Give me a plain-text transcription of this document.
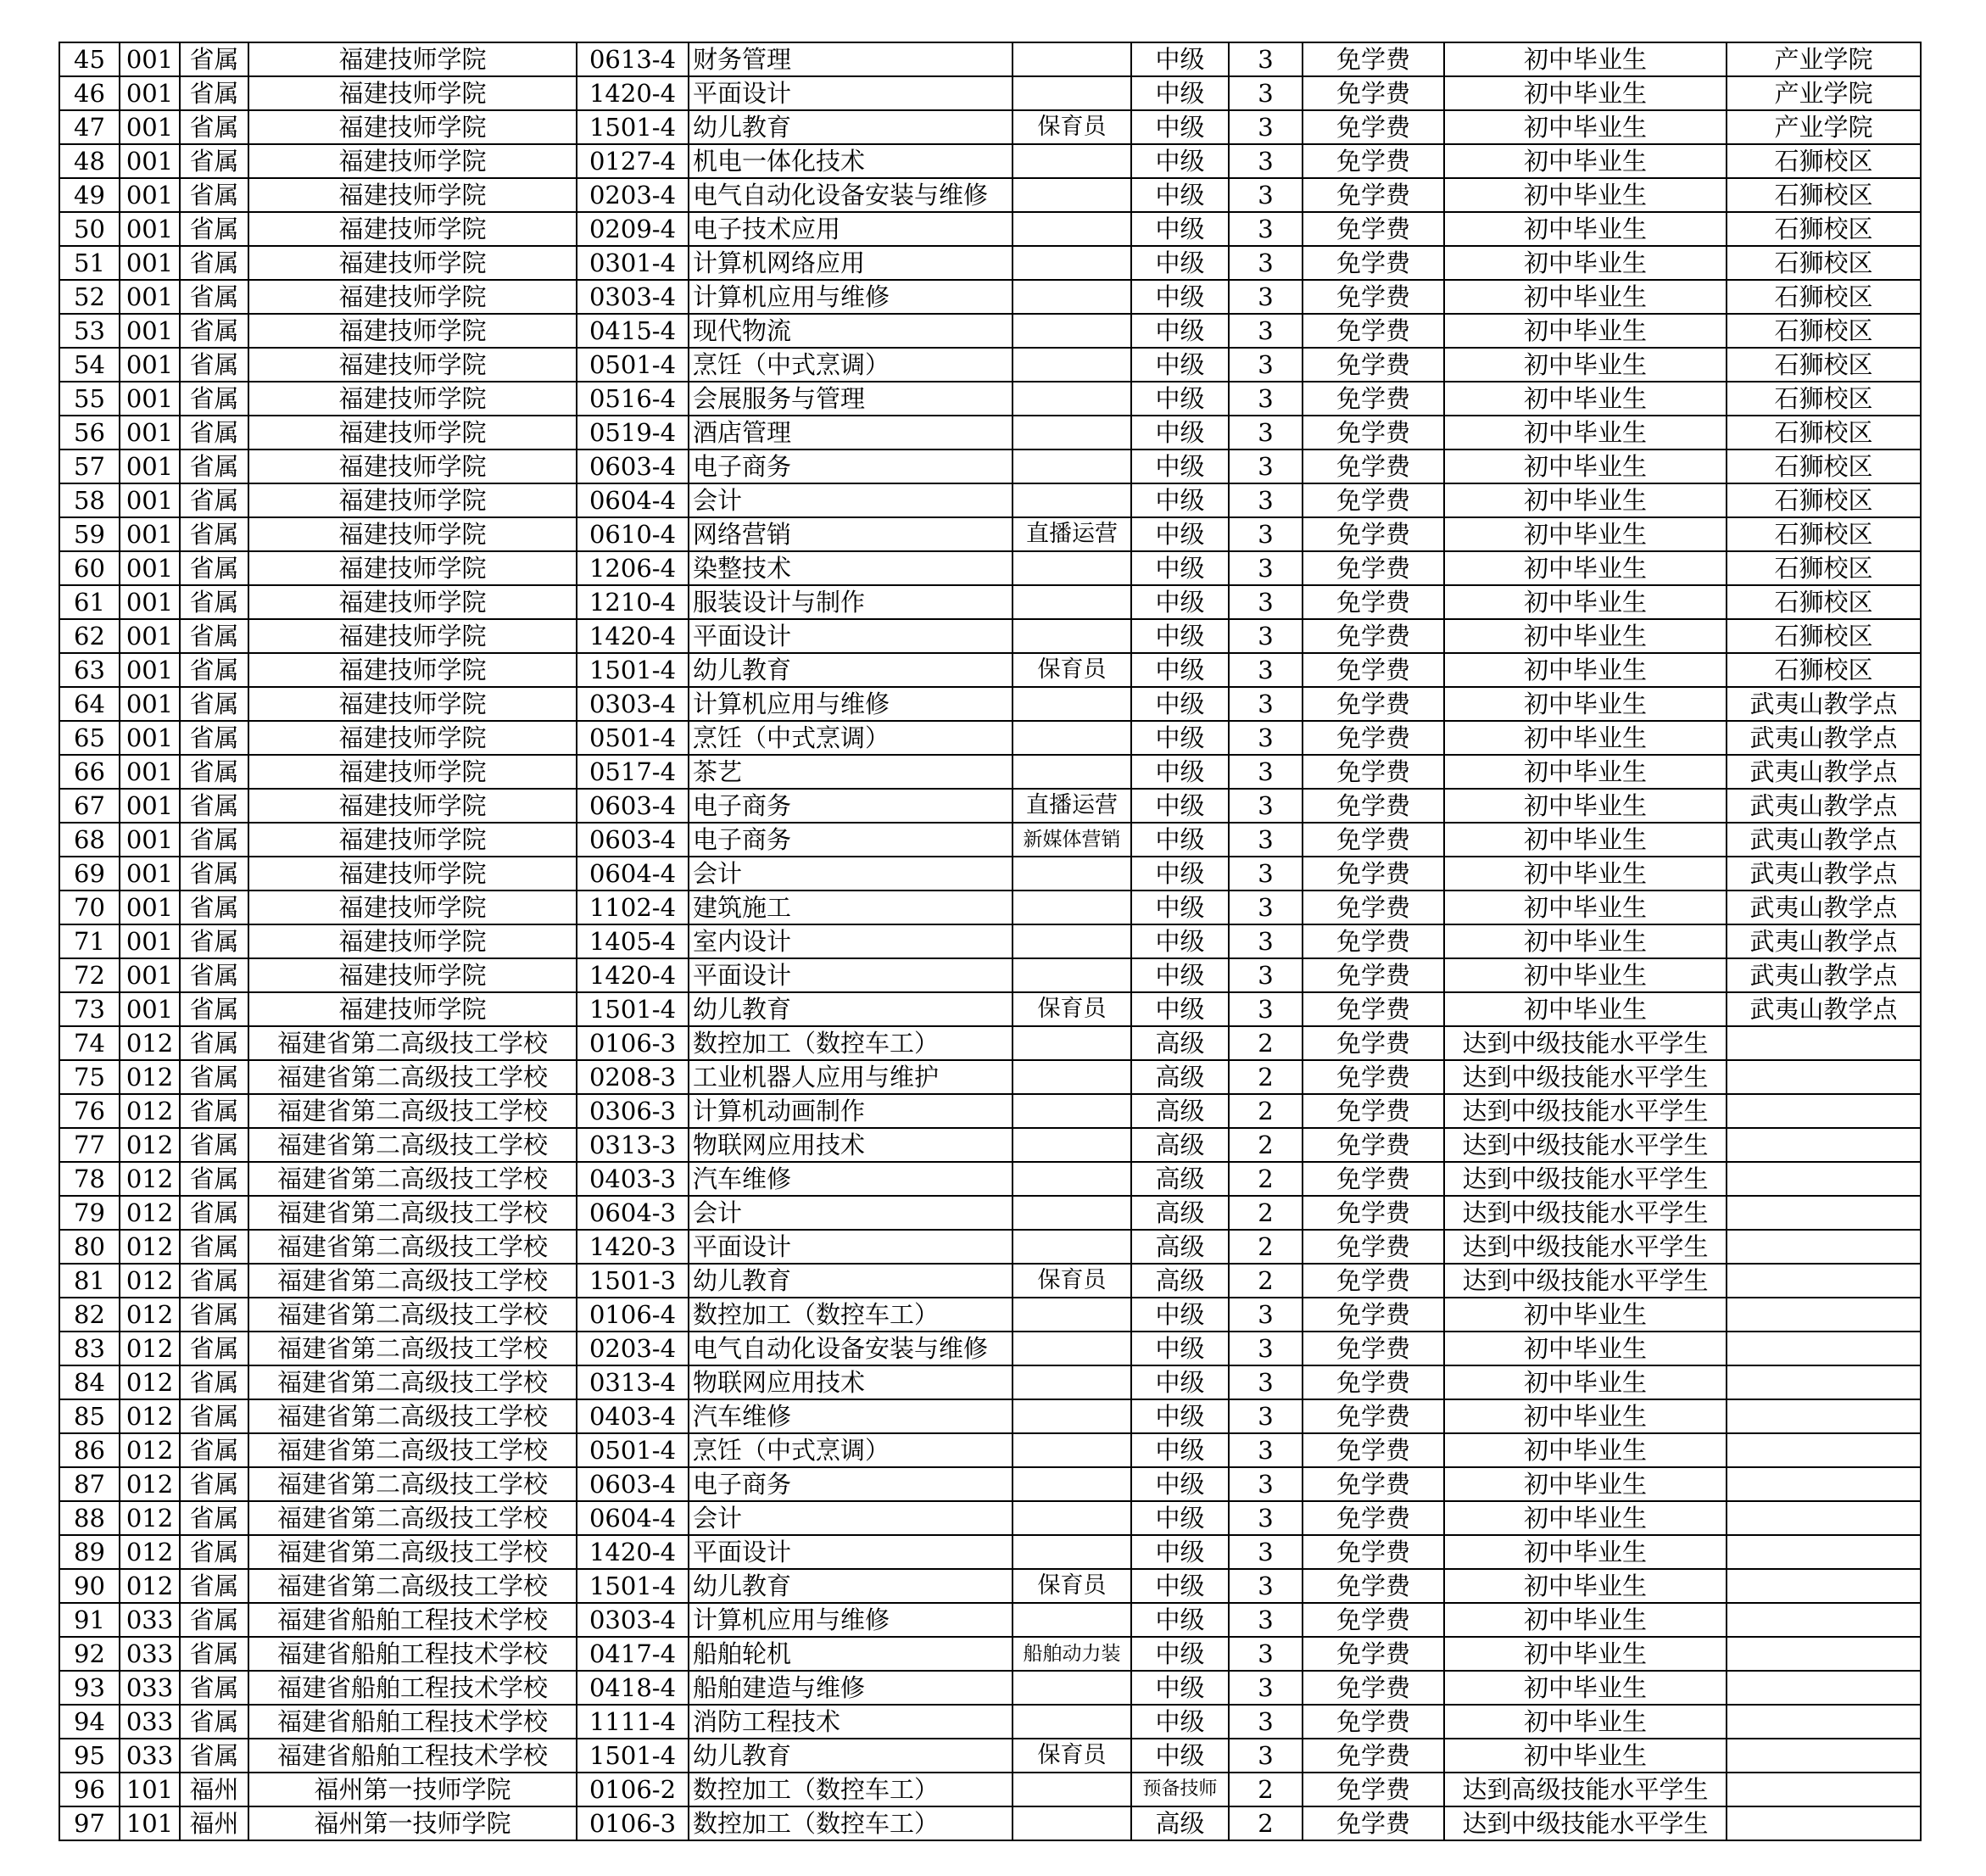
45	001	省属	福建技师学院	0613-4	财务管理		中级	3	免学费	初中毕业生	产业学院
46	001	省属	福建技师学院	1420-4	平面设计		中级	3	免学费	初中毕业生	产业学院
47	001	省属	福建技师学院	1501-4	幼儿教育	保育员	中级	3	免学费	初中毕业生	产业学院
48	001	省属	福建技师学院	0127-4	机电一体化技术		中级	3	免学费	初中毕业生	石狮校区
49	001	省属	福建技师学院	0203-4	电气自动化设备安装与维修		中级	3	免学费	初中毕业生	石狮校区
50	001	省属	福建技师学院	0209-4	电子技术应用		中级	3	免学费	初中毕业生	石狮校区
51	001	省属	福建技师学院	0301-4	计算机网络应用		中级	3	免学费	初中毕业生	石狮校区
52	001	省属	福建技师学院	0303-4	计算机应用与维修		中级	3	免学费	初中毕业生	石狮校区
53	001	省属	福建技师学院	0415-4	现代物流		中级	3	免学费	初中毕业生	石狮校区
54	001	省属	福建技师学院	0501-4	烹饪（中式烹调）		中级	3	免学费	初中毕业生	石狮校区
55	001	省属	福建技师学院	0516-4	会展服务与管理		中级	3	免学费	初中毕业生	石狮校区
56	001	省属	福建技师学院	0519-4	酒店管理		中级	3	免学费	初中毕业生	石狮校区
57	001	省属	福建技师学院	0603-4	电子商务		中级	3	免学费	初中毕业生	石狮校区
58	001	省属	福建技师学院	0604-4	会计		中级	3	免学费	初中毕业生	石狮校区
59	001	省属	福建技师学院	0610-4	网络营销	直播运营	中级	3	免学费	初中毕业生	石狮校区
60	001	省属	福建技师学院	1206-4	染整技术		中级	3	免学费	初中毕业生	石狮校区
61	001	省属	福建技师学院	1210-4	服装设计与制作		中级	3	免学费	初中毕业生	石狮校区
62	001	省属	福建技师学院	1420-4	平面设计		中级	3	免学费	初中毕业生	石狮校区
63	001	省属	福建技师学院	1501-4	幼儿教育	保育员	中级	3	免学费	初中毕业生	石狮校区
64	001	省属	福建技师学院	0303-4	计算机应用与维修		中级	3	免学费	初中毕业生	武夷山教学点
65	001	省属	福建技师学院	0501-4	烹饪（中式烹调）		中级	3	免学费	初中毕业生	武夷山教学点
66	001	省属	福建技师学院	0517-4	茶艺		中级	3	免学费	初中毕业生	武夷山教学点
67	001	省属	福建技师学院	0603-4	电子商务	直播运营	中级	3	免学费	初中毕业生	武夷山教学点
68	001	省属	福建技师学院	0603-4	电子商务	新媒体营销	中级	3	免学费	初中毕业生	武夷山教学点
69	001	省属	福建技师学院	0604-4	会计		中级	3	免学费	初中毕业生	武夷山教学点
70	001	省属	福建技师学院	1102-4	建筑施工		中级	3	免学费	初中毕业生	武夷山教学点
71	001	省属	福建技师学院	1405-4	室内设计		中级	3	免学费	初中毕业生	武夷山教学点
72	001	省属	福建技师学院	1420-4	平面设计		中级	3	免学费	初中毕业生	武夷山教学点
73	001	省属	福建技师学院	1501-4	幼儿教育	保育员	中级	3	免学费	初中毕业生	武夷山教学点
74	012	省属	福建省第二高级技工学校	0106-3	数控加工（数控车工）		高级	2	免学费	达到中级技能水平学生	
75	012	省属	福建省第二高级技工学校	0208-3	工业机器人应用与维护		高级	2	免学费	达到中级技能水平学生	
76	012	省属	福建省第二高级技工学校	0306-3	计算机动画制作		高级	2	免学费	达到中级技能水平学生	
77	012	省属	福建省第二高级技工学校	0313-3	物联网应用技术		高级	2	免学费	达到中级技能水平学生	
78	012	省属	福建省第二高级技工学校	0403-3	汽车维修		高级	2	免学费	达到中级技能水平学生	
79	012	省属	福建省第二高级技工学校	0604-3	会计		高级	2	免学费	达到中级技能水平学生	
80	012	省属	福建省第二高级技工学校	1420-3	平面设计		高级	2	免学费	达到中级技能水平学生	
81	012	省属	福建省第二高级技工学校	1501-3	幼儿教育	保育员	高级	2	免学费	达到中级技能水平学生	
82	012	省属	福建省第二高级技工学校	0106-4	数控加工（数控车工）		中级	3	免学费	初中毕业生	
83	012	省属	福建省第二高级技工学校	0203-4	电气自动化设备安装与维修		中级	3	免学费	初中毕业生	
84	012	省属	福建省第二高级技工学校	0313-4	物联网应用技术		中级	3	免学费	初中毕业生	
85	012	省属	福建省第二高级技工学校	0403-4	汽车维修		中级	3	免学费	初中毕业生	
86	012	省属	福建省第二高级技工学校	0501-4	烹饪（中式烹调）		中级	3	免学费	初中毕业生	
87	012	省属	福建省第二高级技工学校	0603-4	电子商务		中级	3	免学费	初中毕业生	
88	012	省属	福建省第二高级技工学校	0604-4	会计		中级	3	免学费	初中毕业生	
89	012	省属	福建省第二高级技工学校	1420-4	平面设计		中级	3	免学费	初中毕业生	
90	012	省属	福建省第二高级技工学校	1501-4	幼儿教育	保育员	中级	3	免学费	初中毕业生	
91	033	省属	福建省船舶工程技术学校	0303-4	计算机应用与维修		中级	3	免学费	初中毕业生	
92	033	省属	福建省船舶工程技术学校	0417-4	船舶轮机	船舶动力装	中级	3	免学费	初中毕业生	
93	033	省属	福建省船舶工程技术学校	0418-4	船舶建造与维修		中级	3	免学费	初中毕业生	
94	033	省属	福建省船舶工程技术学校	1111-4	消防工程技术		中级	3	免学费	初中毕业生	
95	033	省属	福建省船舶工程技术学校	1501-4	幼儿教育	保育员	中级	3	免学费	初中毕业生	
96	101	福州	福州第一技师学院	0106-2	数控加工（数控车工）		预备技师	2	免学费	达到高级技能水平学生	
97	101	福州	福州第一技师学院	0106-3	数控加工（数控车工）		高级	2	免学费	达到中级技能水平学生	
